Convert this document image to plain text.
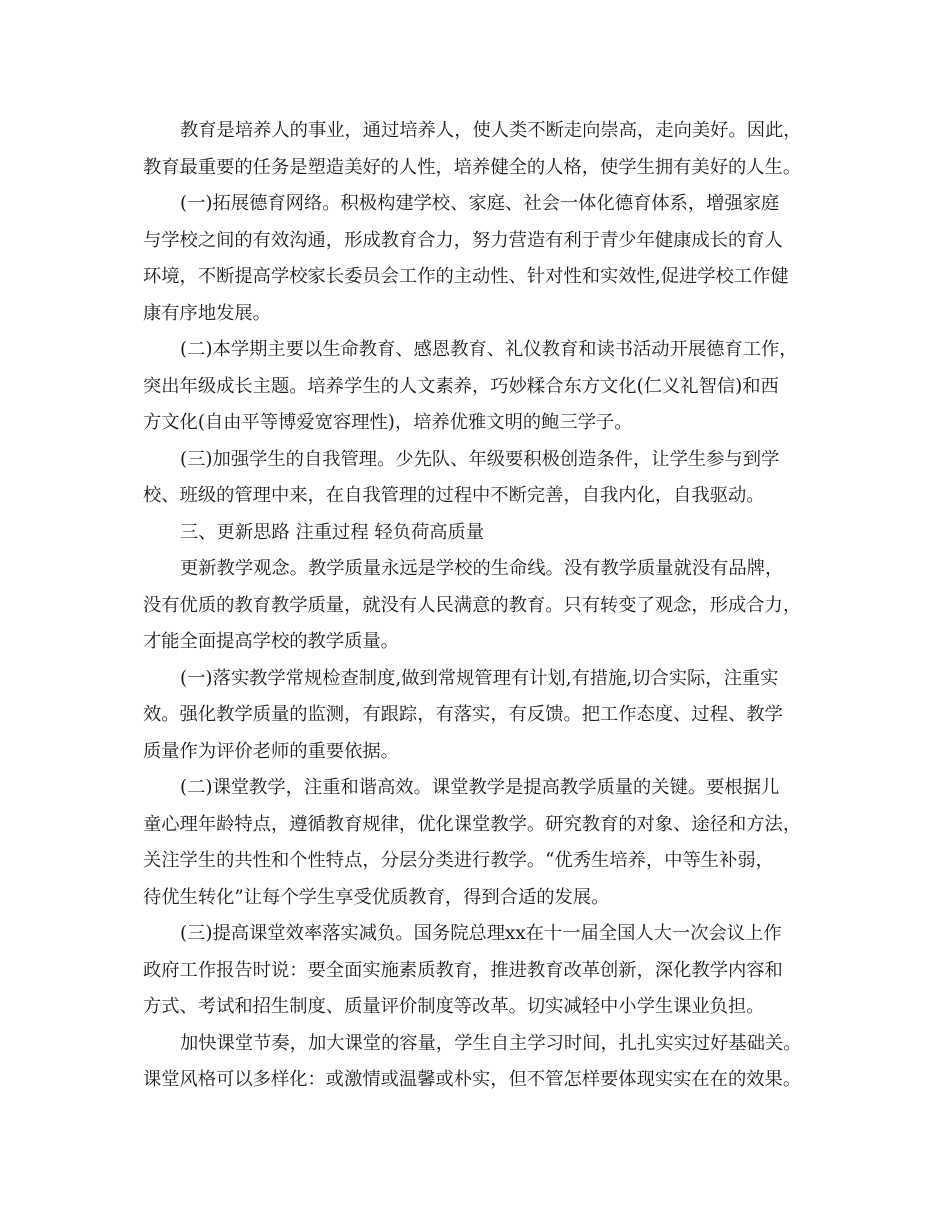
教育是培养人的事业，通过培养人，使人类不断走向崇高，走向美好。因此，
教育最重要的任务是塑造美好的人性，培养健全的人格，使学生拥有美好的人生。
(一)拓展德育网络。积极构建学校、家庭、社会一体化德育体系，增强家庭
与学校之间的有效沟通，形成教育合力，努力营造有利于青少年健康成长的育人
环境，不断提高学校家长委员会工作的主动性、针对性和实效性,促进学校工作健
康有序地发展。
(二)本学期主要以生命教育、感恩教育、礼仪教育和读书活动开展德育工作，
突出年级成长主题。培养学生的人文素养，巧妙糅合东方文化(仁义礼智信)和西
方文化(自由平等博爱宽容理性)，培养优雅文明的鲍三学子。
(三)加强学生的自我管理。少先队、年级要积极创造条件，让学生参与到学
校、班级的管理中来，在自我管理的过程中不断完善，自我内化，自我驱动。
三、更新思路 注重过程 轻负荷高质量
更新教学观念。教学质量永远是学校的生命线。没有教学质量就没有品牌，
没有优质的教育教学质量，就没有人民满意的教育。只有转变了观念，形成合力，
才能全面提高学校的教学质量。
(一)落实教学常规检查制度,做到常规管理有计划,有措施,切合实际，注重实
效。强化教学质量的监测，有跟踪，有落实，有反馈。把工作态度、过程、教学
质量作为评价老师的重要依据。
(二)课堂教学，注重和谐高效。课堂教学是提高教学质量的关键。要根据儿
童心理年龄特点，遵循教育规律，优化课堂教学。研究教育的对象、途径和方法，
关注学生的共性和个性特点，分层分类进行教学。“优秀生培养，中等生补弱，
待优生转化”让每个学生享受优质教育，得到合适的发展。
(三)提高课堂效率落实减负。国务院总理xx在十一届全国人大一次会议上作
政府工作报告时说：要全面实施素质教育，推进教育改革创新，深化教学内容和
方式、考试和招生制度、质量评价制度等改革。切实减轻中小学生课业负担。
加快课堂节奏，加大课堂的容量，学生自主学习时间，扎扎实实过好基础关。
课堂风格可以多样化：或激情或温馨或朴实，但不管怎样要体现实实在在的效果。
